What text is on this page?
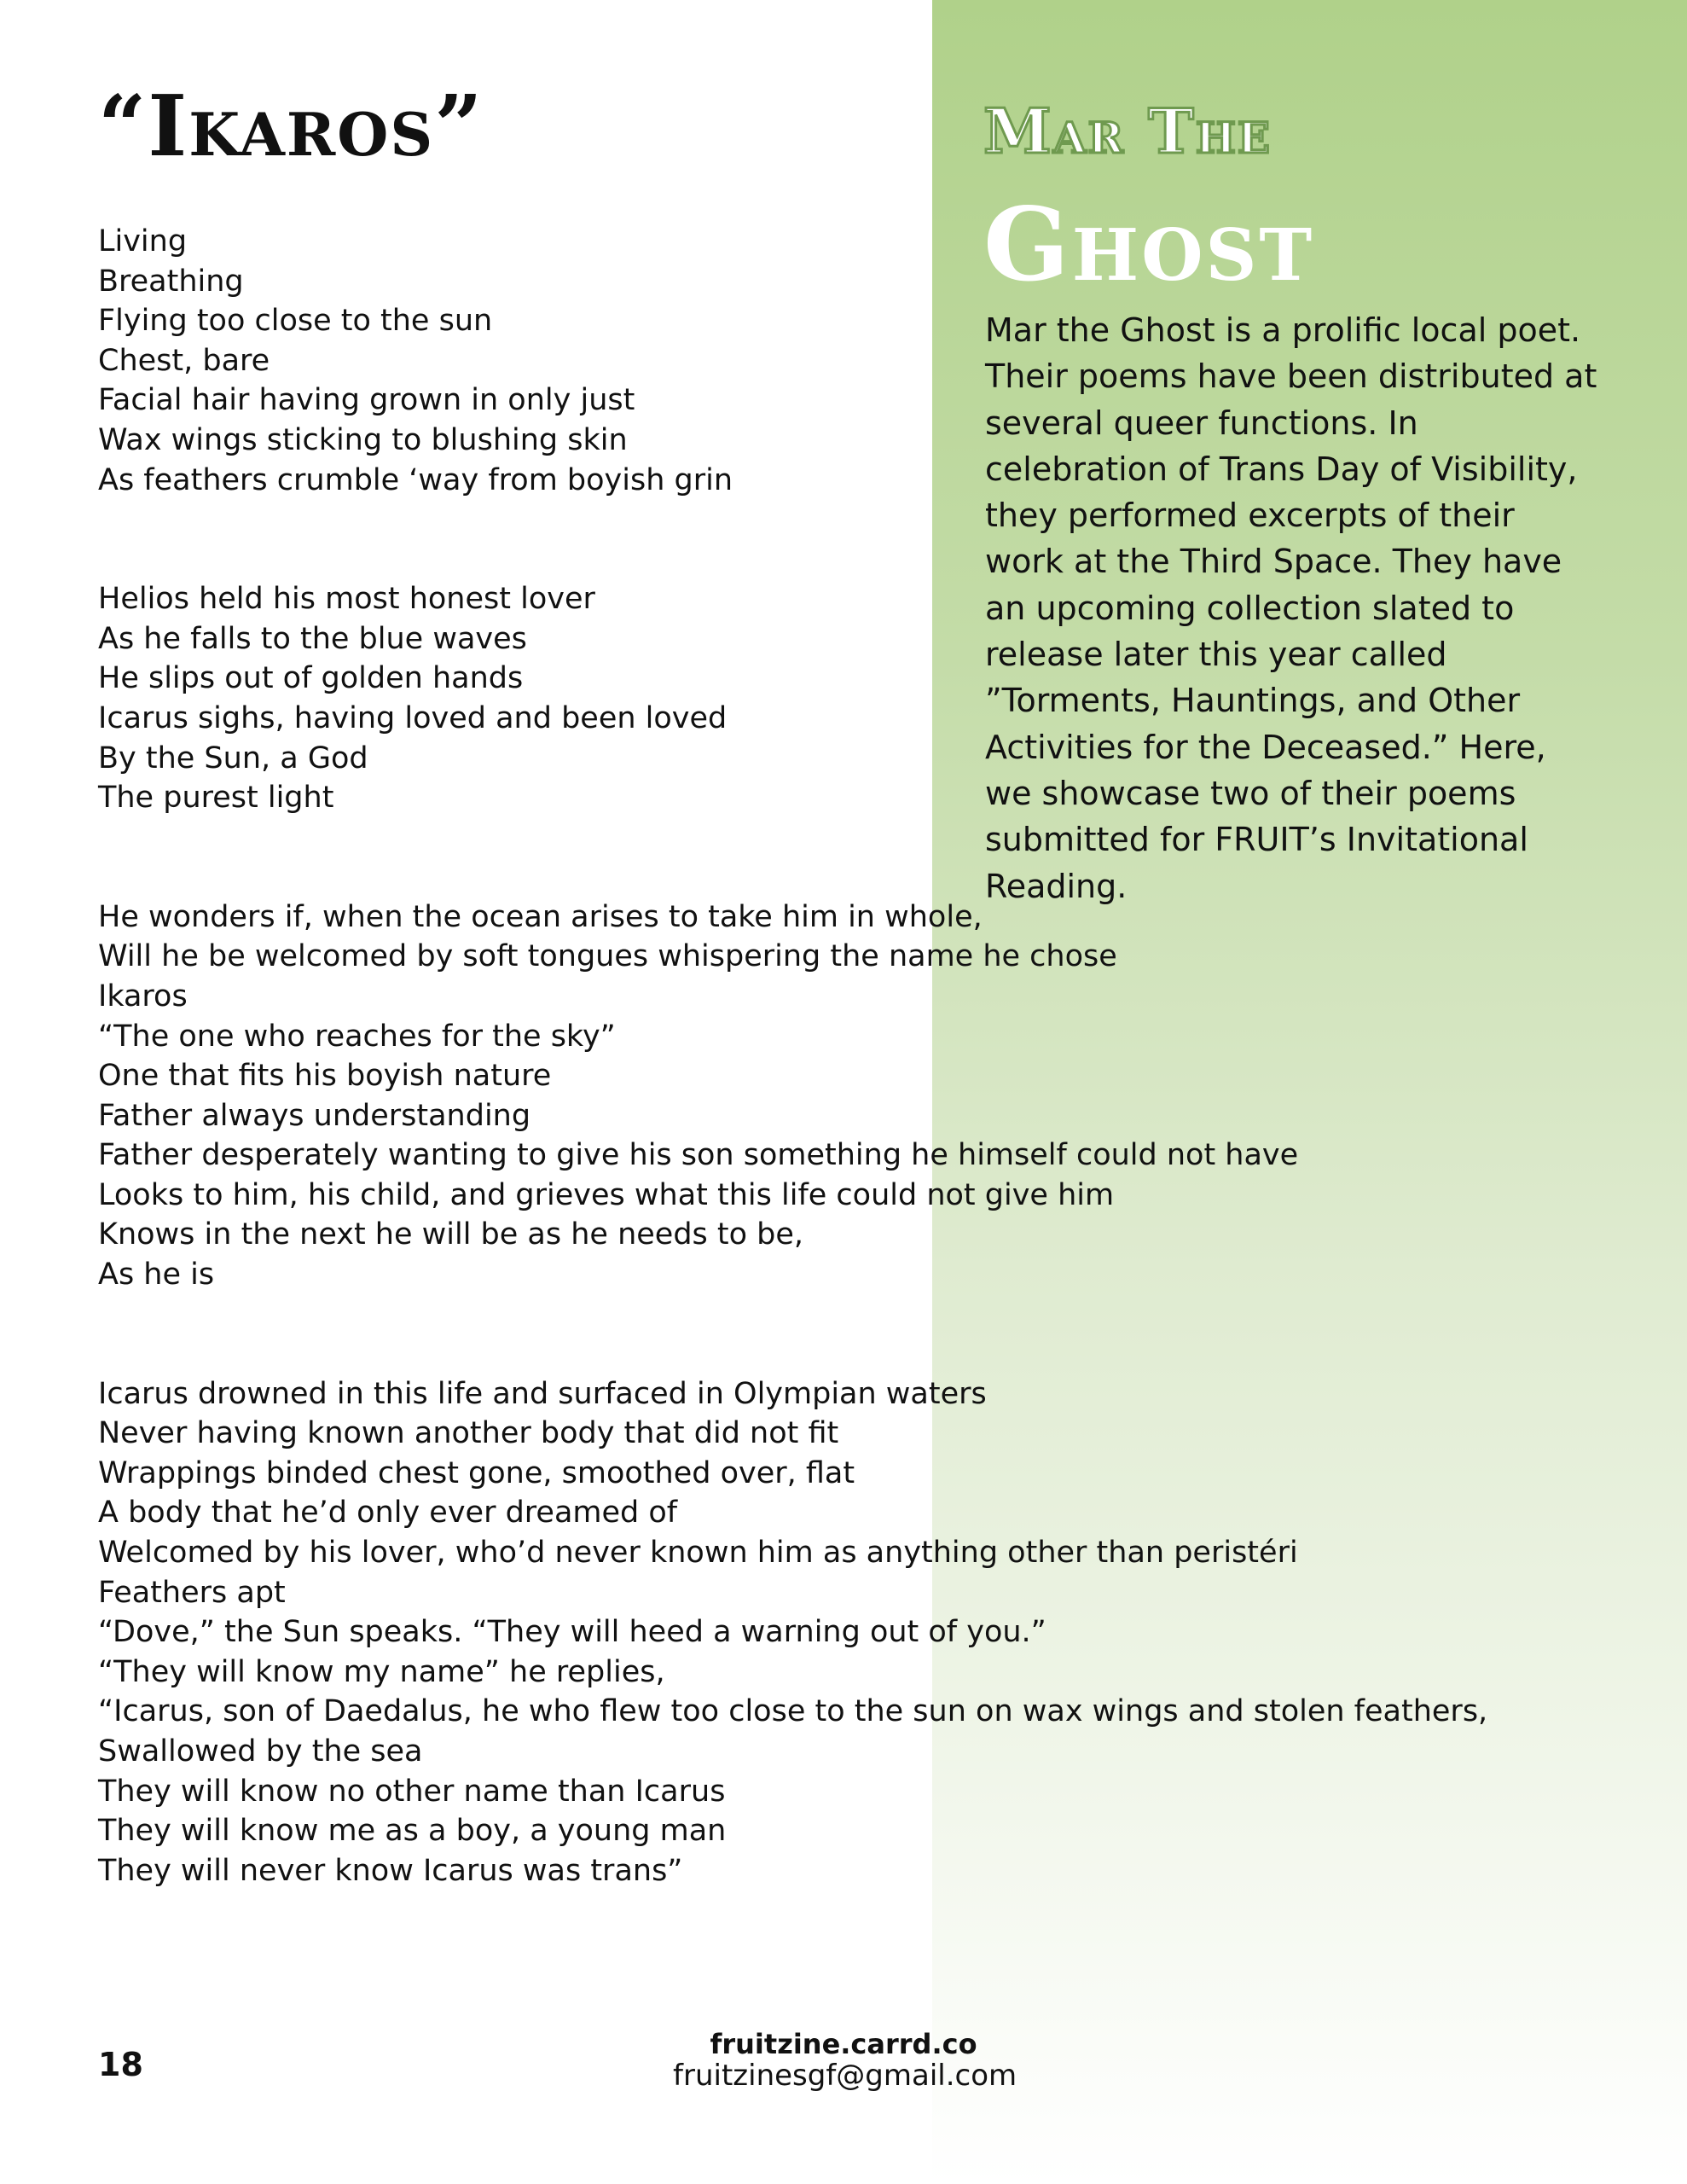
“Ikaros”
Living
Breathing
Flying too close to the sun
Chest, bare
Facial hair having grown in only just
Wax wings sticking to blushing skin
As feathers crumble ‘way from boyish grin
Helios held his most honest lover
As he falls to the blue waves
He slips out of golden hands
Icarus sighs, having loved and been loved
By the Sun, a God
The purest light
He wonders if, when the ocean arises to take him in whole,
Will he be welcomed by soft tongues whispering the name he chose
Ikaros
“The one who reaches for the sky”
One that fits his boyish nature
Father always understanding
Father desperately wanting to give his son something he himself could not have
Looks to him, his child, and grieves what this life could not give him
Knows in the next he will be as he needs to be,
As he is
Icarus drowned in this life and surfaced in Olympian waters
Never having known another body that did not fit
Wrappings binded chest gone, smoothed over, flat
A body that he’d only ever dreamed of
Welcomed by his lover, who’d never known him as anything other than peristéri
Feathers apt
“Dove,” the Sun speaks. “They will heed a warning out of you.”
“They will know my name” he replies,
“Icarus, son of Daedalus, he who flew too close to the sun on wax wings and stolen feathers,
Swallowed by the sea
They will know no other name than Icarus
They will know me as a boy, a young man
They will never know Icarus was trans”
Mar The
Ghost

Mar the Ghost is a prolific local poet. Their poems have been distributed at several queer functions. In celebration of Trans Day of Visibility, they performed excerpts of their work at the Third Space. They have an upcoming collection slated to release later this year called ”Torments, Hauntings, and Other Activities for the Deceased.” Here, we showcase two of their poems submitted for FRUIT’s Invitational Reading.

18

fruitzine.carrd.co
fruitzinesgf@gmail.com
